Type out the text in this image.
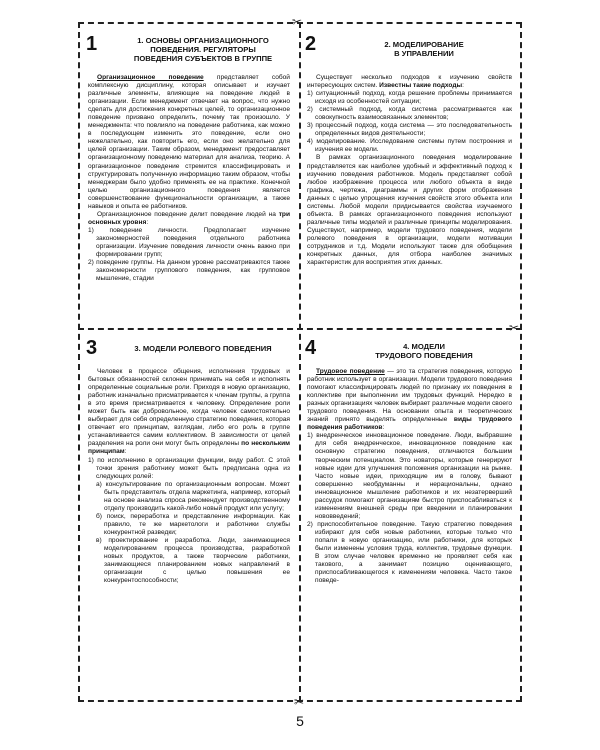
1	1. ОСНОВЫ ОРГАНИЗАЦИОННОГО
ПОВЕДЕНИЯ. РЕГУЛЯТОРЫ
ПОВЕДЕНИЯ СУБЪЕКТОВ В ГРУППЕ

Организационное поведение представляет собой комплексную дисциплину, которая описывает и изучает различные элементы, влияющие на поведение людей в организации. Если менеджмент отвечает на вопрос, что нужно сделать для достижения конкретных целей, то организационное поведение призвано определить, почему так произошло. У менеджмента: что повлияло на поведение работника, как можно в последующем изменить это поведение, если оно нежелательно, как повторить его, если оно желательно для целей организации. Таким образом, менеджмент предоставляет организационному поведению материал для анализа, теорию. А организационное поведение стремится классифицировать и структурировать полученную информацию таким образом, чтобы менеджерам было удобно применять ее на практике. Конечной целью организационного поведения является совершенствование функциональности организации, а также навыков и опыта ее работников.

Организационное поведение делит поведение людей на три основных уровня:

1) поведение личности. Предполагает изучение закономерностей поведения отдельного работника организации. Изучение поведения личности очень важно при формировании групп;

2) поведение группы. На данном уровне рассматриваются также закономерности группового поведения, как групповое мышление, стадии

2	2. МОДЕЛИРОВАНИЕ
В УПРАВЛЕНИИ

Существует несколько подходов к изучению свойств интересующих систем. Известны такие подходы:

1) ситуационный подход, когда решение проблемы принимается исходя из особенностей ситуации;

2) системный подход, когда система рассматривается как совокупность взаимосвязанных элементов;

3) процессный подход, когда система — это последовательность определенных видов деятельности;

4) моделирование. Исследование системы путем построения и изучения ее модели.

В рамках организационного поведения моделирование представляется как наиболее удобный и эффективный подход к изучению поведения работников. Модель представляет собой любое изображение процесса или любого объекта в виде графика, чертежа, диаграммы и других форм отображения данных с целью упрощения изучения свойств этого объекта или системы. Любой модели придисывается свойства изучаемого объекта. В рамках организационного поведения используют различные типы моделей и различные принципы моделирования. Существуют, например, модели трудового поведения, модели ролевого поведения в организации, модели мотивации сотрудников и т.д. Модели используют также для обобщения конкретных данных, для отбора наиболее значимых характеристик для восприятия этих данных.

3	3. МОДЕЛИ РОЛЕВОГО ПОВЕДЕНИЯ

Человек в процессе общения, исполнения трудовых и бытовых обязанностей склонен принимать на себя и исполнять определенные социальные роли. Приходя в новую организацию, работник изначально присматривается к членам группы, а группа в это время присматривается к человеку. Определение роли может быть как добровольное, когда человек самостоятельно выбирает для себя определенную стратегию поведения, которая отвечает его принципам, взглядам, либо его роль в группе устанавливается самим коллективом. В зависимости от целей разделения на роли они могут быть определены по нескольким принципам:

1) по исполнению в организации функции, виду работ. С этой точки зрения работнику может быть предписана одна из следующих ролей:

а) консультирование по организационным вопросам. Может быть представитель отдела маркетинга, например, который на основе анализа спроса рекомендует производственному отделу производить какой-либо новый продукт или услугу;

б) поиск, переработка и представление информации. Как правило, те же маркетологи и работники службы конкурентной разведки;

в) проектирование и разработка. Люди, занимающиеся моделированием процесса производства, разработкой новых продуктов, а также творческие работники, занимающиеся планированием новых направлений в организации с целью повышения ее конкурентоспособности;

4	4. МОДЕЛИ
ТРУДОВОГО ПОВЕДЕНИЯ

Трудовое поведение — это та стратегия поведения, которую работник использует в организации. Модели трудового поведения помогают классифицировать людей по признаку их поведения в коллективе при выполнении им трудовых функций. Нередко в разных организациях человек выбирает различные модели своего трудового поведения. На основании опыта и теоретических знаний принято выделять определенные виды трудового поведения работников:

1) внедренческое инновационное поведение. Люди, выбравшие для себя внедренческое, инновационное поведение как основную стратегию поведения, отличаются большим творческим потенциалом. Это новаторы, которые генерируют новые идеи для улучшения положения организации на рынке. Часто новые идеи, приходящие им в голову, бывают совершенно необдуманны и нерациональны, однако инновационное мышление работников и их незатерверший рассудок помогают организациям быстро приспосабливаться к изменениям внешней среды при введении и планировании нововведений;

2) приспособительное поведение. Такую стратегию поведения избирают для себя новые работники, которые только что попали в новую организацию, или работники, для которых были изменены условия труда, коллектив, трудовые функции. В этом случае человек временно не проявляет себя как такового, а занимает позицию оценивающего, приспосабливающегося к изменениям человека. Часто такое поведе-

✂
✂
✂
5
